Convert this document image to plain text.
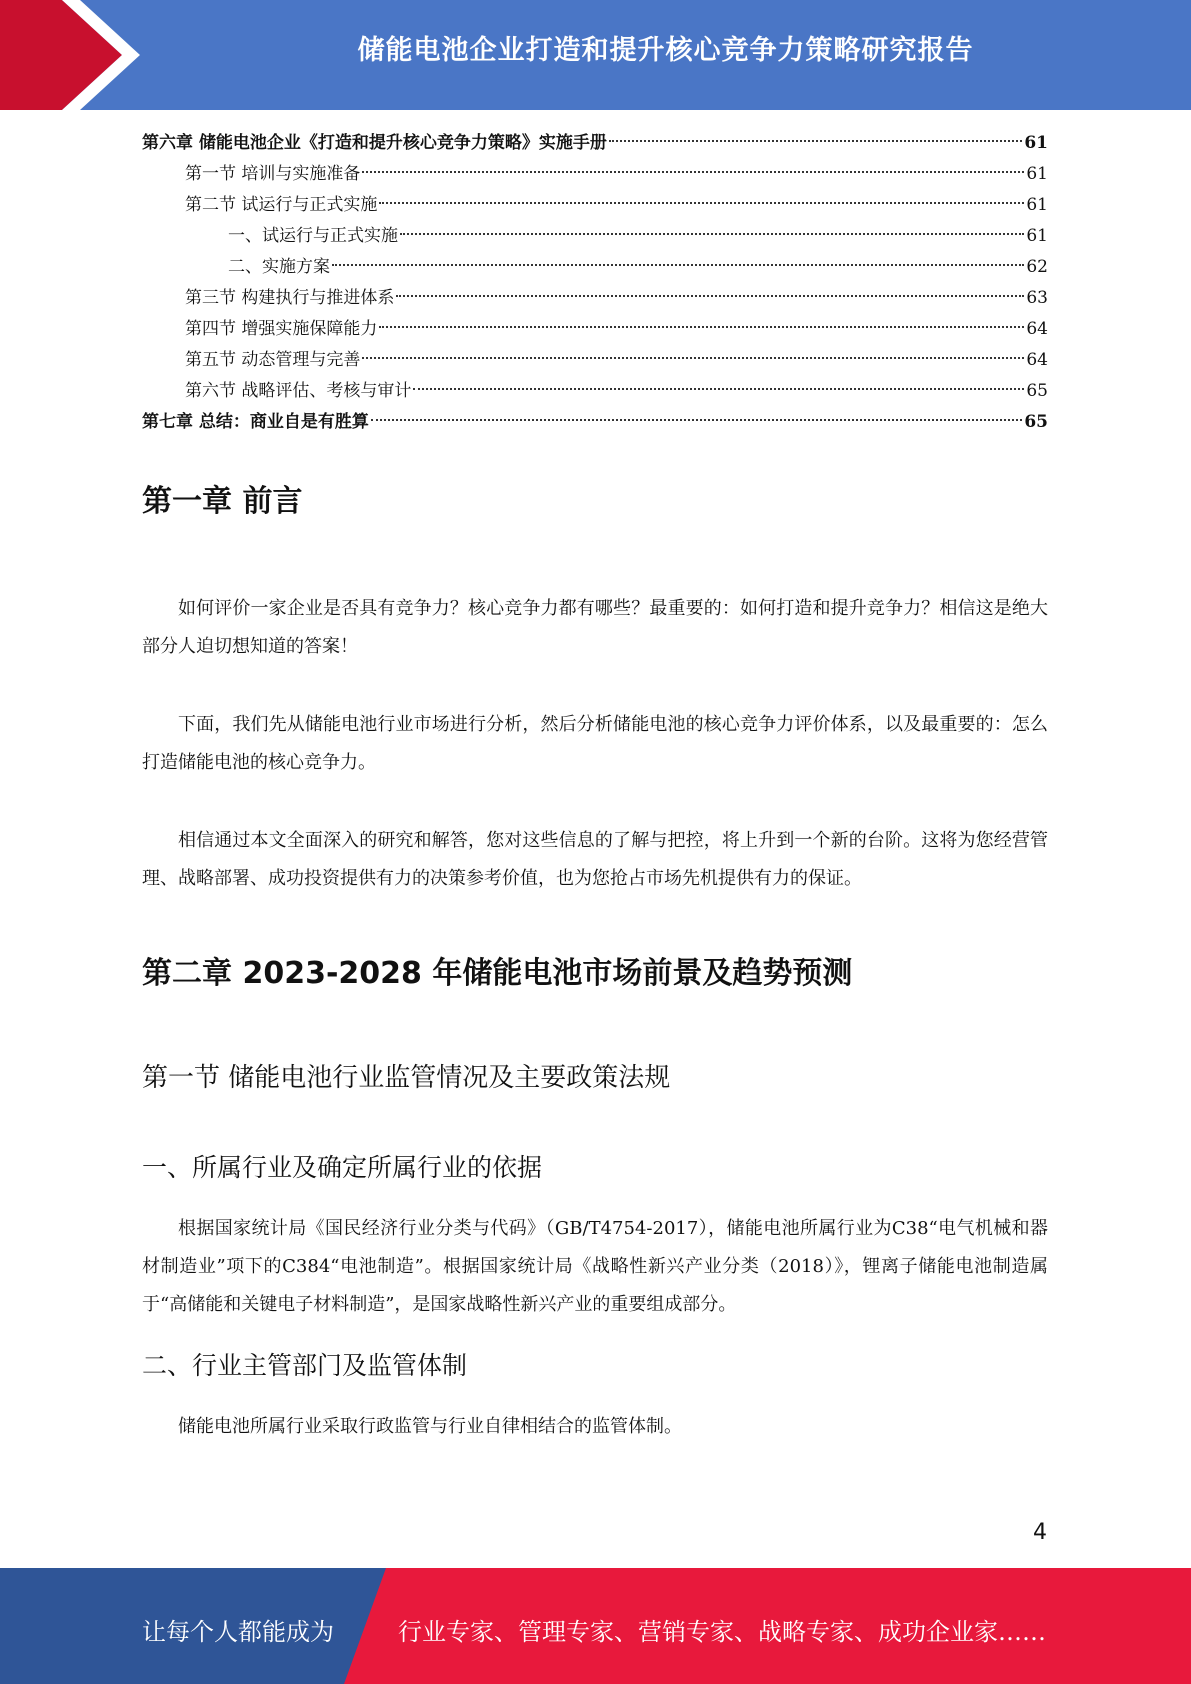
储能电池企业打造和提升核心竞争力策略研究报告
第六章 储能电池企业《打造和提升核心竞争力策略》实施手册	61
第一节 培训与实施准备	61
第二节 试运行与正式实施	61
一、试运行与正式实施	61
二、实施方案	62
第三节 构建执行与推进体系	63
第四节 增强实施保障能力	64
第五节 动态管理与完善	64
第六节 战略评估、考核与审计	65
第七章 总结：商业自是有胜算	65
第一章 前言

如何评价一家企业是否具有竞争力？核心竞争力都有哪些？最重要的：如何打造和提升竞争力？相信这是绝大部分人迫切想知道的答案！

下面，我们先从储能电池行业市场进行分析，然后分析储能电池的核心竞争力评价体系，以及最重要的：怎么打造储能电池的核心竞争力。

相信通过本文全面深入的研究和解答，您对这些信息的了解与把控，将上升到一个新的台阶。这将为您经营管理、战略部署、成功投资提供有力的决策参考价值，也为您抢占市场先机提供有力的保证。

第二章 2023-2028 年储能电池市场前景及趋势预测
第一节 储能电池行业监管情况及主要政策法规
一、所属行业及确定所属行业的依据

根据国家统计局《国民经济行业分类与代码》（GB/T4754-2017），储能电池所属行业为C38“电气机械和器材制造业”项下的C384“电池制造”。根据国家统计局《战略性新兴产业分类（2018）》，锂离子储能电池制造属于“高储能和关键电子材料制造”，是国家战略性新兴产业的重要组成部分。

二、行业主管部门及监管体制

储能电池所属行业采取行政监管与行业自律相结合的监管体制。

4
让每个人都能成为	行业专家、管理专家、营销专家、战略专家、成功企业家……
